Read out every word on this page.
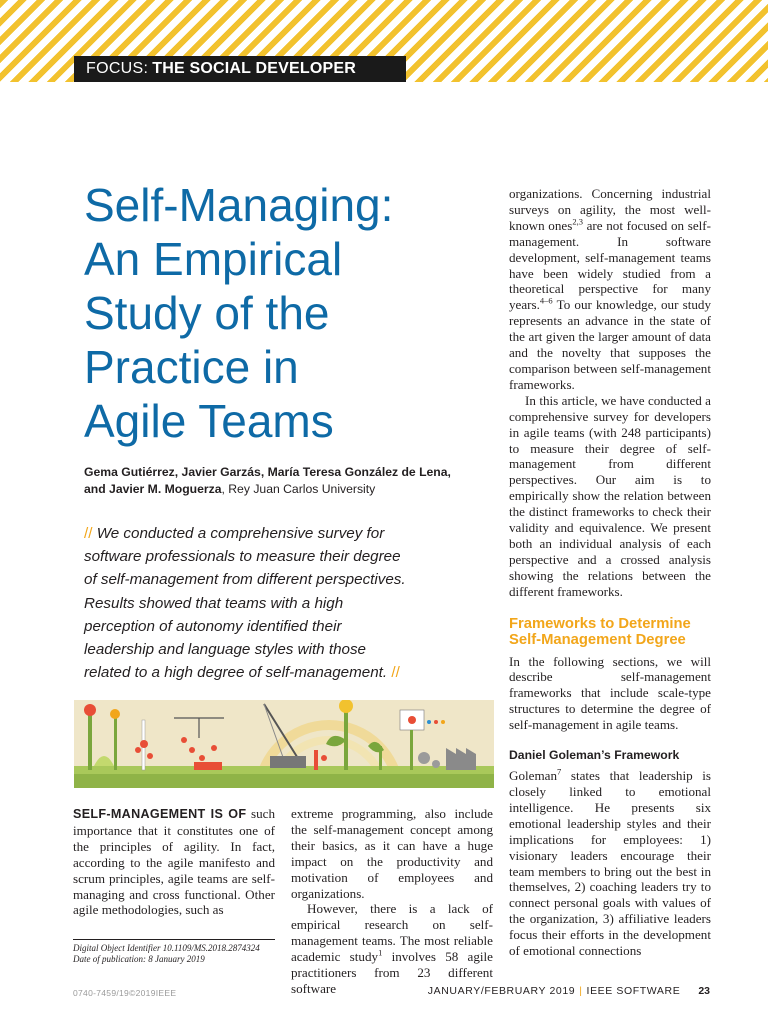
FOCUS: THE SOCIAL DEVELOPER
Self-Managing:
An Empirical
Study of the
Practice in
Agile Teams
Gema Gutiérrez, Javier Garzás, María Teresa González de Lena,
and Javier M. Moguerza, Rey Juan Carlos University
// We conducted a comprehensive survey for software professionals to measure their degree of self-management from different perspectives. Results showed that teams with a high perception of autonomy identified their leadership and language styles with those related to a high degree of self-management. //

SELF-MANAGEMENT IS OF such importance that it constitutes one of the principles of agility. In fact, according to the agile manifesto and scrum principles, agile teams are self-managing and cross functional. Other agile methodologies, such as

Digital Object Identifier 10.1109/MS.2018.2874324
Date of publication: 8 January 2019

extreme programming, also include the self-management concept among their basics, as it can have a huge impact on the productivity and motivation of employees and organizations.

However, there is a lack of empirical research on self-management teams. The most reliable academic study$^1$ involves 58 agile practitioners from 23 different software

organizations. Concerning industrial surveys on agility, the most well-known ones$^{2,3}$ are not focused on self-management. In software development, self-management teams have been widely studied from a theoretical perspective for many years.$^{4-6}$ To our knowledge, our study represents an advance in the state of the art given the larger amount of data and the novelty that supposes the comparison between self-management frameworks.

In this article, we have conducted a comprehensive survey for developers in agile teams (with 248 participants) to measure their degree of self-management from different perspectives. Our aim is to empirically show the relation between the distinct frameworks to check their validity and equivalence. We present both an individual analysis of each perspective and a crossed analysis showing the relations between the different frameworks.

Frameworks to Determine Self-Management Degree

In the following sections, we will describe self-management frameworks that include scale-type structures to determine the degree of self-management in agile teams.

Daniel Goleman’s Framework

Goleman$^7$ states that leadership is closely linked to emotional intelligence. He presents six emotional leadership styles and their implications for employees: 1) visionary leaders encourage their team members to bring out the best in themselves, 2) coaching leaders try to connect personal goals with values of the organization, 3) affiliative leaders focus their efforts in the development of emotional connections

0740-7459/19©2019IEEE	JANUARY/FEBRUARY 2019 | IEEE SOFTWARE 23
